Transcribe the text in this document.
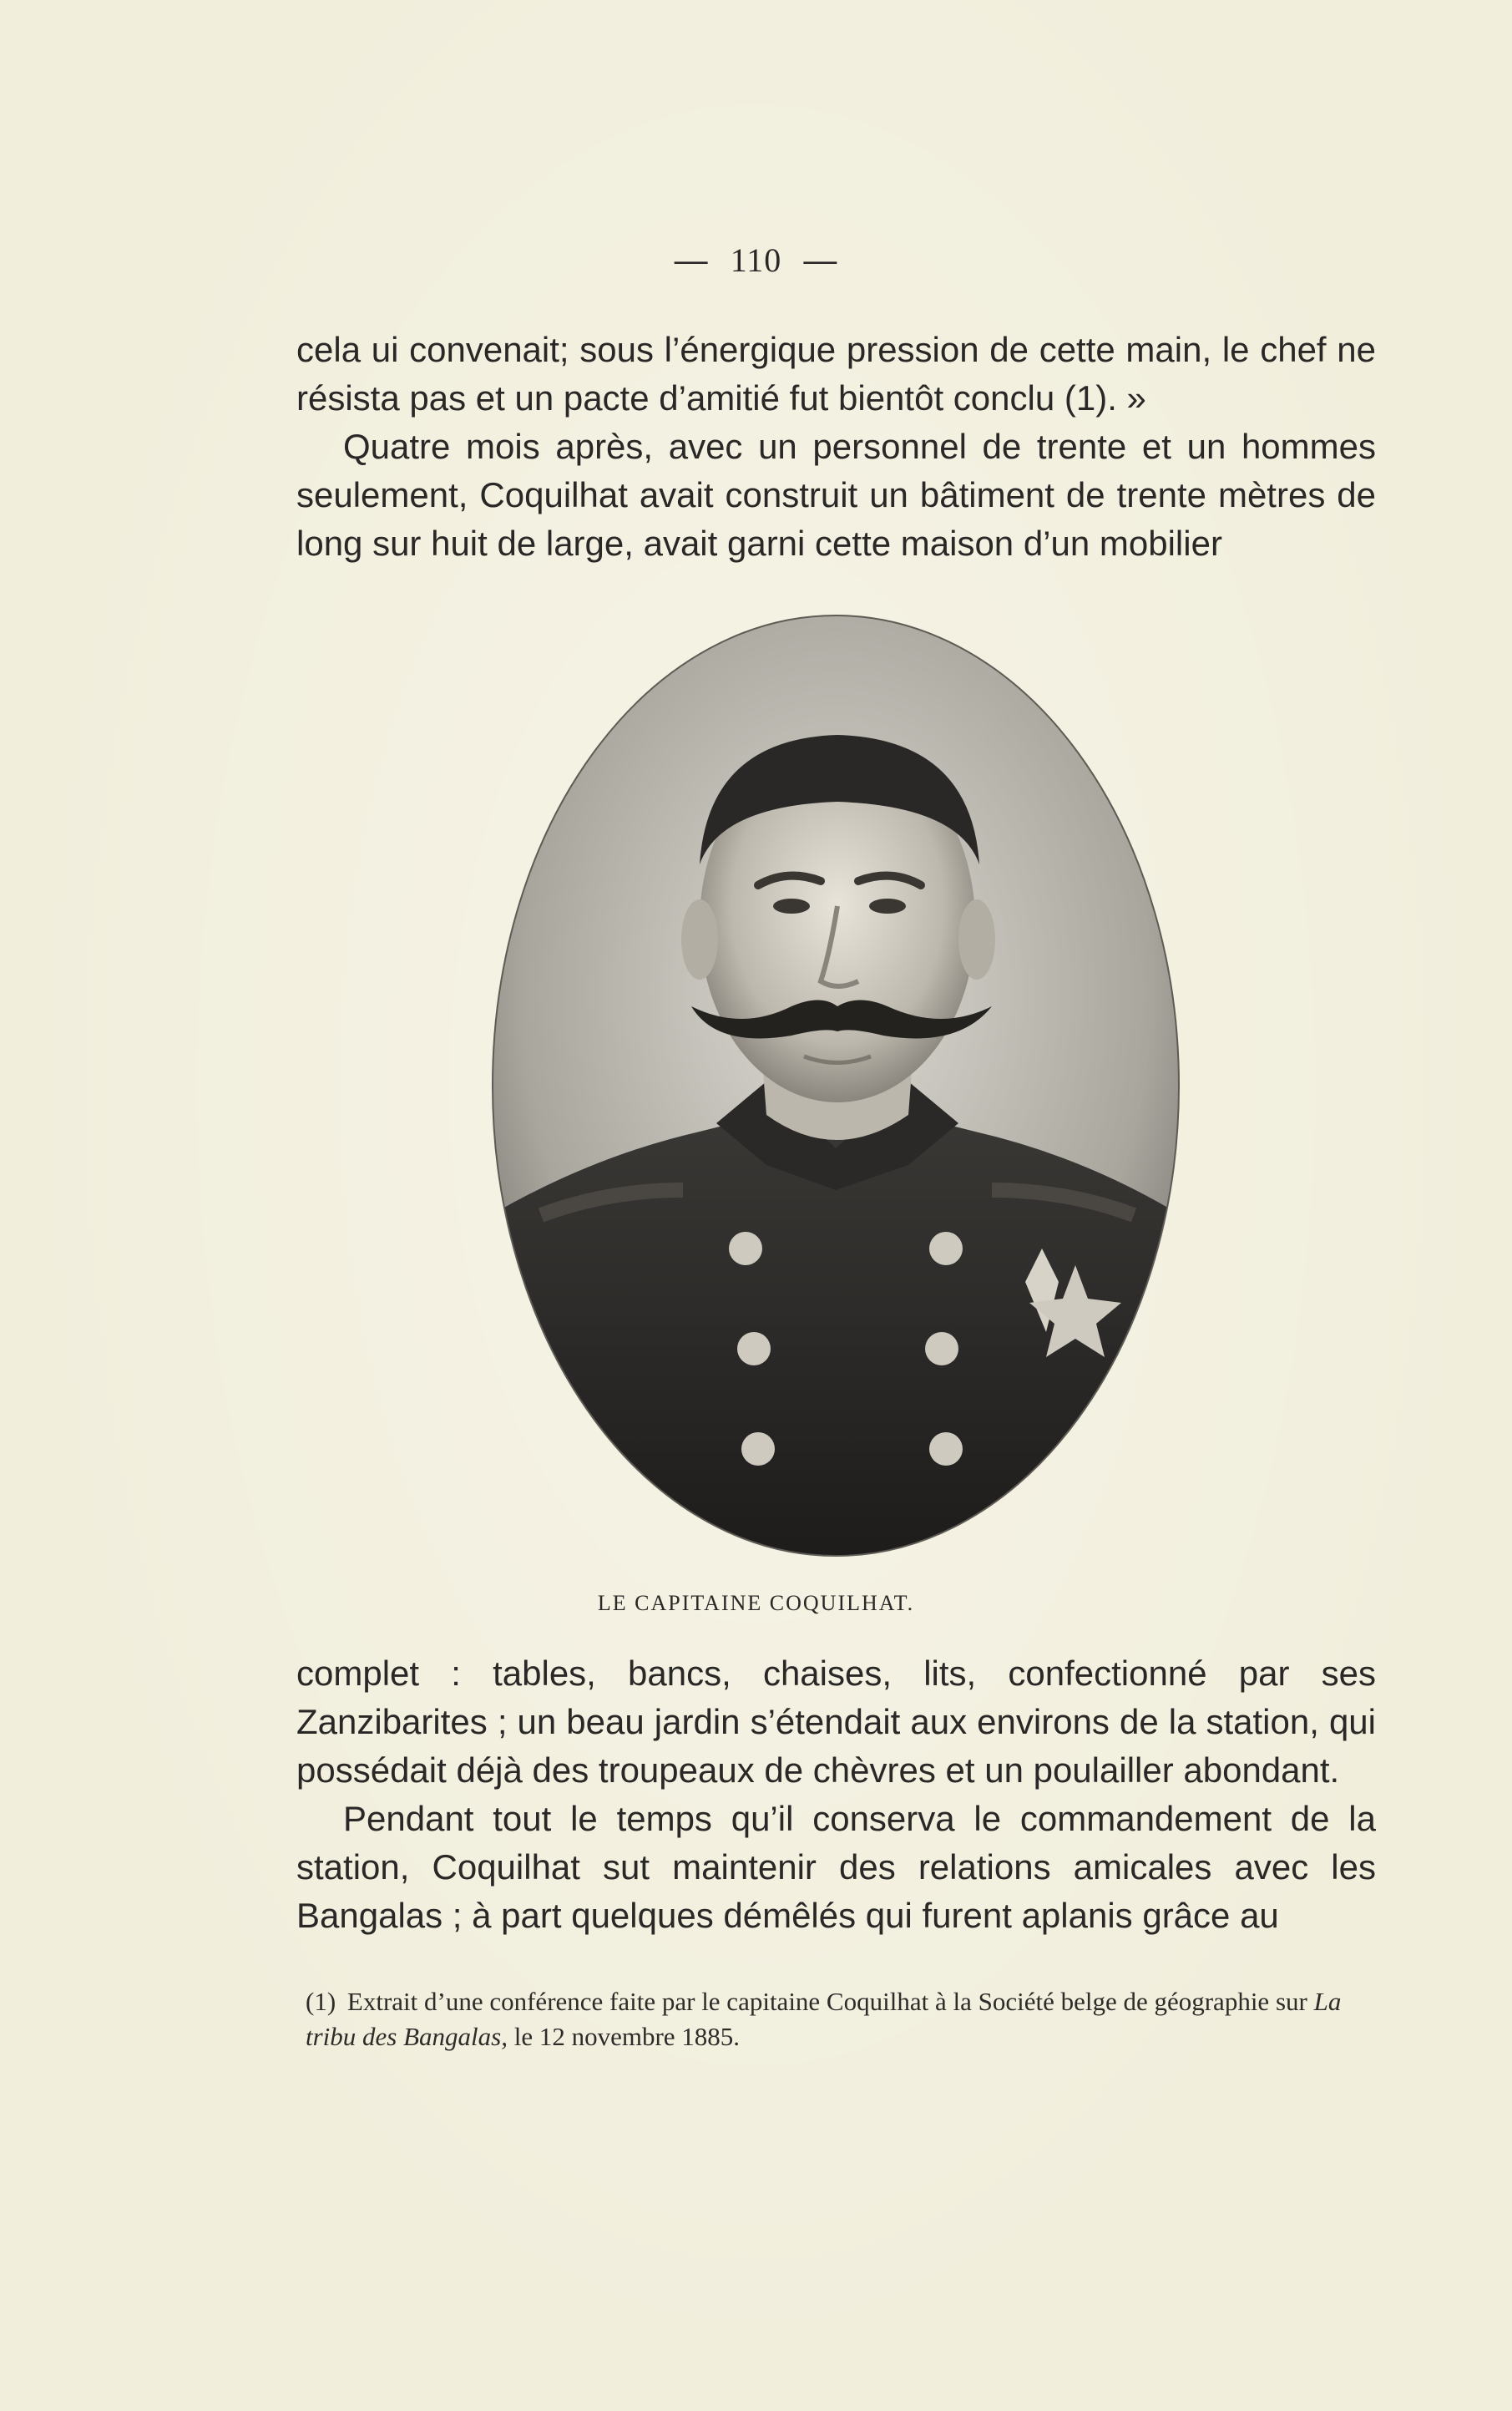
— 110 —

cela ui convenait; sous l’énergique pression de cette main, le chef ne résista pas et un pacte d’amitié fut bientôt conclu (1). »

Quatre mois après, avec un personnel de trente et un hommes seulement, Coquilhat avait construit un bâtiment de trente mètres de long sur huit de large, avait garni cette maison d’un mobilier

LE CAPITAINE COQUILHAT.

complet : tables, bancs, chaises, lits, confectionné par ses Zanzibarites ; un beau jardin s’étendait aux environs de la station, qui possédait déjà des troupeaux de chèvres et un poulailler abondant.

Pendant tout le temps qu’il conserva le commandement de la station, Coquilhat sut maintenir des relations amicales avec les Bangalas ; à part quelques démêlés qui furent aplanis grâce au

(1) Extrait d’une conférence faite par le capitaine Coquilhat à la Société belge de géographie sur La tribu des Bangalas, le 12 novembre 1885.
